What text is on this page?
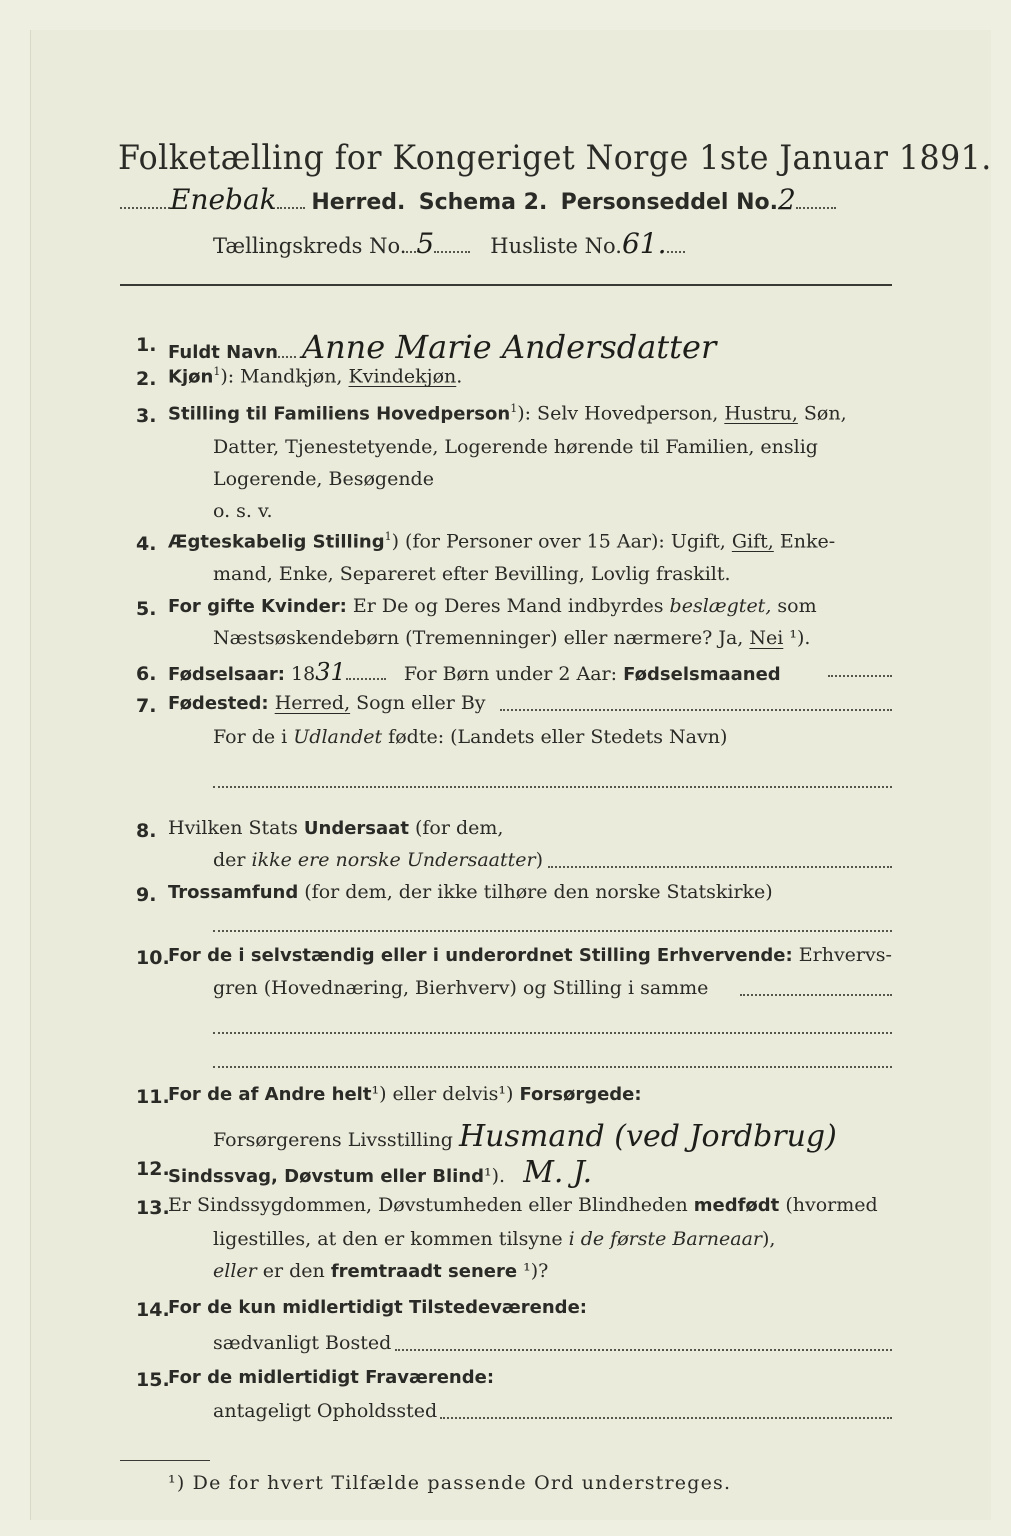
Folketælling for Kongeriget Norge 1ste Januar 1891.
Enebak Herred. Schema 2. Personseddel No.2
Tællingskreds No. 5	Husliste No.61.
1. Fuldt Navn Anne Marie Andersdatter
2. Kjøn$^1$): Mandkjøn, Kvindekjøn.
3. Stilling til Familiens Hovedperson$^1$): Selv Hovedperson, Hustru, Søn,
Datter, Tjenestetyende, Logerende hørende til Familien, enslig
Logerende, Besøgende
o. s. v.
4. Ægteskabelig Stilling$^1$) (for Personer over 15 Aar): Ugift, Gift, Enke-
mand, Enke, Separeret efter Bevilling, Lovlig fraskilt.
5. For gifte Kvinder: Er De og Deres Mand indbyrdes beslægtet, som
Næstsøskendebørn (Tremenninger) eller nærmere? Ja, Nei ¹).
6. Fødselsaar: 1831	For Børn under 2 Aar: Fødselsmaaned
7. Fødested: Herred, Sogn eller By
For de i Udlandet fødte: (Landets eller Stedets Navn)
8. Hvilken Stats Undersaat (for dem,
der ikke ere norske Undersaatter)
9. Trossamfund (for dem, der ikke tilhøre den norske Statskirke)
10.
For de i selvstændig eller i underordnet Stilling Erhvervende: Erhvervs-
gren (Hovednæring, Bierhverv) og Stilling i samme
11.
For de af Andre helt¹) eller delvis¹) Forsørgede:
Forsørgerens Livsstilling Husmand (ved Jordbrug)
12.
Sindssvag, Døvstum eller Blind¹). M. J.
13.
Er Sindssygdommen, Døvstumheden eller Blindheden medfødt (hvormed
ligestilles, at den er kommen tilsyne i de første Barneaar),
eller er den fremtraadt senere ¹)?
14.
For de kun midlertidigt Tilstedeværende:
sædvanligt Bosted
15.
For de midlertidigt Fraværende:
antageligt Opholdssted
¹) De for hvert Tilfælde passende Ord understreges.
